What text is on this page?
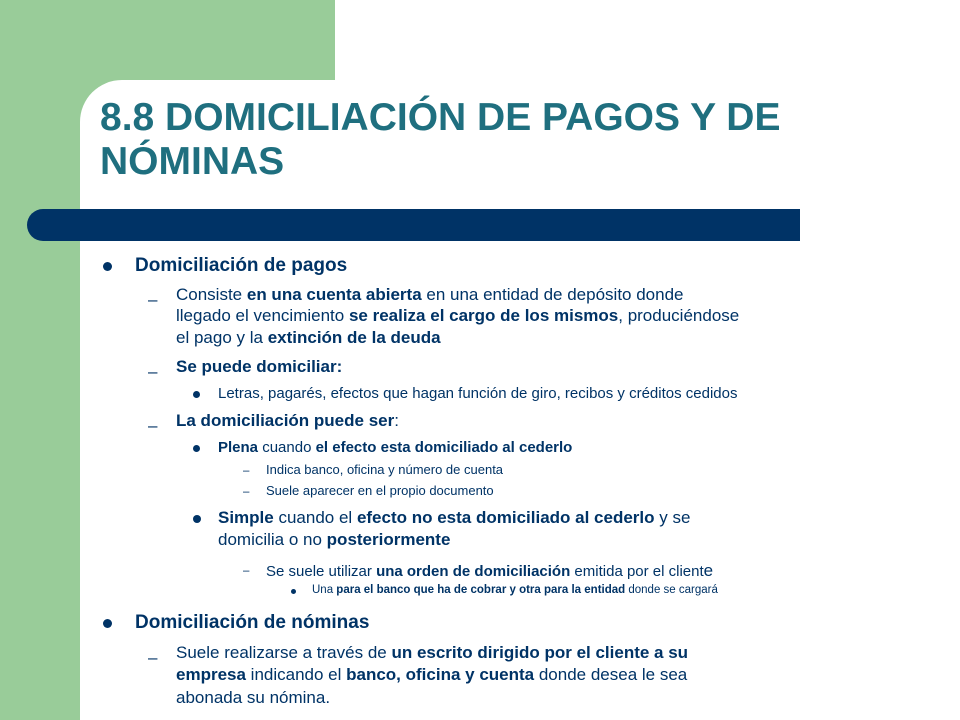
8.8 DOMICILIACIÓN DE PAGOS Y DE NÓMINAS
Domiciliación de pagos
– Consiste en una cuenta abierta en una entidad de depósito donde
llegado el vencimiento se realiza el cargo de los mismos, produciéndose
el pago y la extinción de la deuda
– Se puede domiciliar:
Letras, pagarés, efectos que hagan función de giro, recibos y créditos cedidos
– La domiciliación puede ser:
Plena cuando el efecto esta domiciliado al cederlo
– Indica banco, oficina y número de cuenta
– Suele aparecer en el propio documento
Simple cuando el efecto no esta domiciliado al cederlo y se
domicilia o no posteriormente
– Se suele utilizar una orden de domiciliación emitida por el cliente
Una para el banco que ha de cobrar y otra para la entidad donde se cargará
Domiciliación de nóminas
– Suele realizarse a través de un escrito dirigido por el cliente a su
empresa indicando el banco, oficina y cuenta donde desea le sea
abonada su nómina.
